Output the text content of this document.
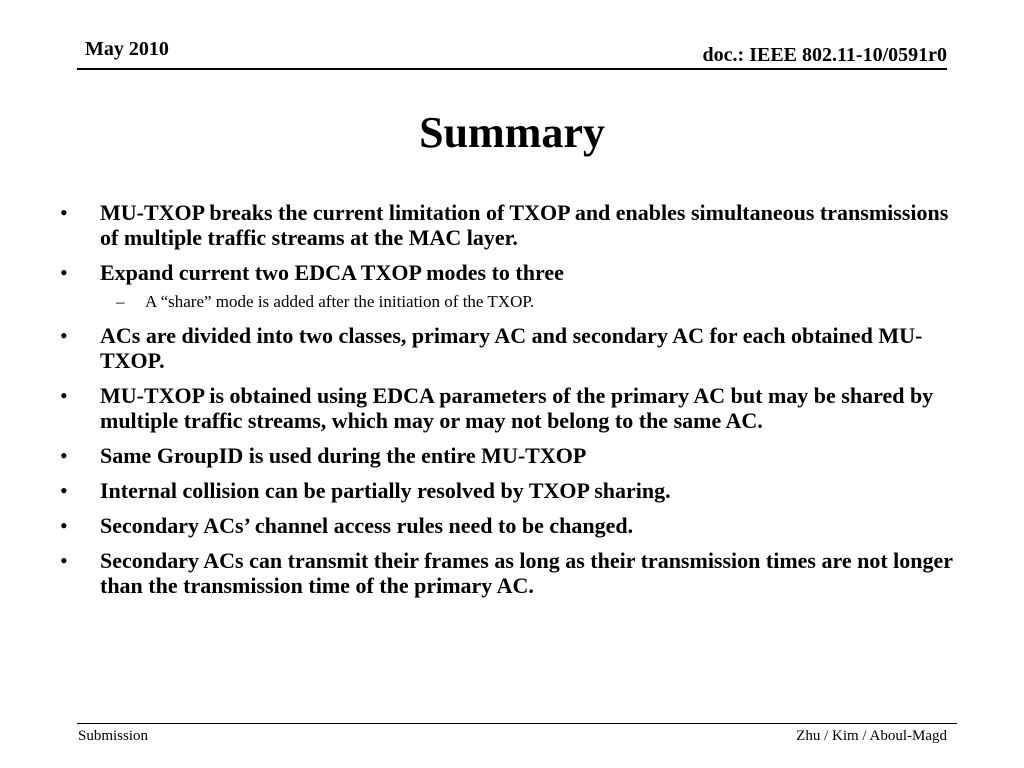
May 2010	doc.: IEEE 802.11-10/0591r0
Summary
• MU-TXOP breaks the current limitation of TXOP and enables simultaneous transmissions of multiple traffic streams at the MAC layer.
• Expand current two EDCA TXOP modes to three
– A “share” mode is added after the initiation of the TXOP.
• ACs are divided into two classes, primary AC and secondary AC for each obtained MU-TXOP.
• MU-TXOP is obtained using EDCA parameters of the primary AC but may be shared by multiple traffic streams, which may or may not belong to the same AC.
• Same GroupID is used during the entire MU-TXOP
• Internal collision can be partially resolved by TXOP sharing.
• Secondary ACs’ channel access rules need to be changed.
• Secondary ACs can transmit their frames as long as their transmission times are not longer than the transmission time of the primary AC.
Submission	Zhu / Kim / Aboul-Magd
